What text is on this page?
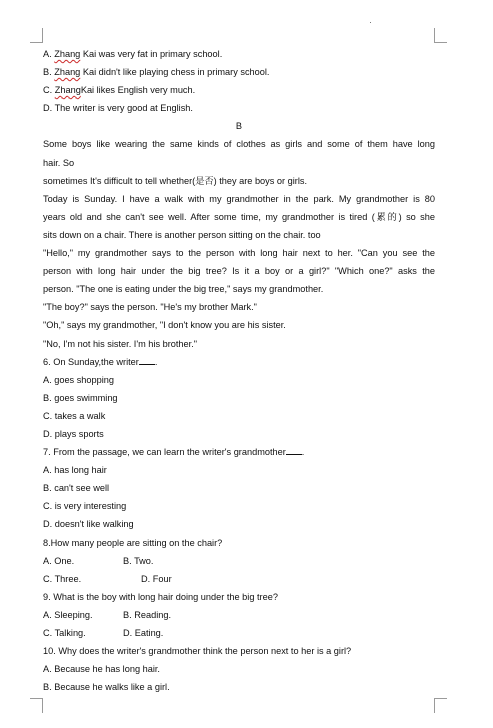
A. Zhang Kai was very fat in primary school.
B. Zhang Kai didn't like playing chess in primary school.
C. ZhangKai likes English very much.
D. The writer is very good at English.
B
Some boys like wearing the same kinds of clothes as girls and some of them have long
hair. So
sometimes It's difficult to tell whether(是否) they are boys or girls.
Today is Sunday. I have a walk with my grandmother in the park. My grandmother is 80
years old and she can't see well. After some time, my grandmother is tired (累的) so she
sits down on a chair. There is another person sitting on the chair. too
"Hello," my grandmother says to the person with long hair next to her. "Can you see the
person with long hair under the big tree? Is it a boy or a girl?" "Which one?" asks the
person. "The one is eating under the big tree," says my grandmother.
"The boy?" says the person. "He's my brother Mark."
"Oh," says my grandmother, "I don't know you are his sister.
"No, I'm not his sister. I'm his brother."
6. On Sunday,the writer .
A. goes shopping
B. goes swimming
C. takes a walk
D. plays sports
7. From the passage, we can learn the writer's grandmother .
A. has long hair
B. can't see well
C. is very interesting
D. doesn't like walking
8.How many people are sitting on the chair?
A. One.	B. Two.
C. Three.	D. Four
9. What is the boy with long hair doing under the big tree?
A. Sleeping.	B. Reading.
C. Talking.	D. Eating.
10. Why does the writer's grandmother think the person next to her is a girl?
A. Because he has long hair.
B. Because he walks like a girl.
